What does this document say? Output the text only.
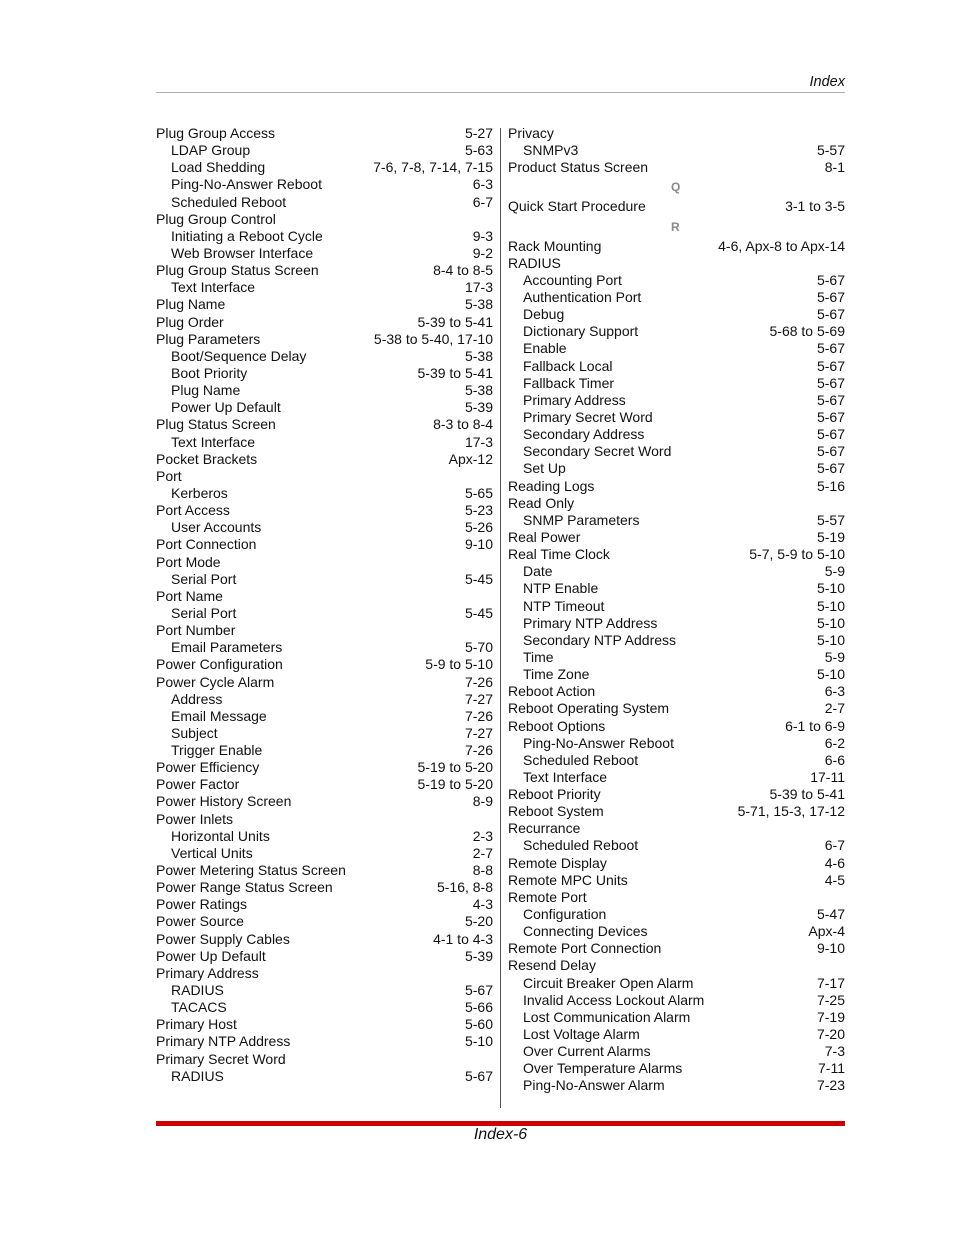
Index
Plug Group Access	5-27
LDAP Group	5-63
Load Shedding	7-6, 7-8, 7-14, 7-15
Ping-No-Answer Reboot	6-3
Scheduled Reboot	6-7
Plug Group Control
Initiating a Reboot Cycle	9-3
Web Browser Interface	9-2
Plug Group Status Screen	8-4 to 8-5
Text Interface	17-3
Plug Name	5-38
Plug Order	5-39 to 5-41
Plug Parameters	5-38 to 5-40, 17-10
Boot/Sequence Delay	5-38
Boot Priority	5-39 to 5-41
Plug Name	5-38
Power Up Default	5-39
Plug Status Screen	8-3 to 8-4
Text Interface	17-3
Pocket Brackets	Apx-12
Port
Kerberos	5-65
Port Access	5-23
User Accounts	5-26
Port Connection	9-10
Port Mode
Serial Port	5-45
Port Name
Serial Port	5-45
Port Number
Email Parameters	5-70
Power Configuration	5-9 to 5-10
Power Cycle Alarm	7-26
Address	7-27
Email Message	7-26
Subject	7-27
Trigger Enable	7-26
Power Efficiency	5-19 to 5-20
Power Factor	5-19 to 5-20
Power History Screen	8-9
Power Inlets
Horizontal Units	2-3
Vertical Units	2-7
Power Metering Status Screen	8-8
Power Range Status Screen	5-16, 8-8
Power Ratings	4-3
Power Source	5-20
Power Supply Cables	4-1 to 4-3
Power Up Default	5-39
Primary Address
RADIUS	5-67
TACACS	5-66
Primary Host	5-60
Primary NTP Address	5-10
Primary Secret Word
RADIUS	5-67
Privacy
SNMPv3	5-57
Product Status Screen	8-1
Q
Quick Start Procedure	3-1 to 3-5
R
Rack Mounting	4-6, Apx-8 to Apx-14
RADIUS
Accounting Port	5-67
Authentication Port	5-67
Debug	5-67
Dictionary Support	5-68 to 5-69
Enable	5-67
Fallback Local	5-67
Fallback Timer	5-67
Primary Address	5-67
Primary Secret Word	5-67
Secondary Address	5-67
Secondary Secret Word	5-67
Set Up	5-67
Reading Logs	5-16
Read Only
SNMP Parameters	5-57
Real Power	5-19
Real Time Clock	5-7, 5-9 to 5-10
Date	5-9
NTP Enable	5-10
NTP Timeout	5-10
Primary NTP Address	5-10
Secondary NTP Address	5-10
Time	5-9
Time Zone	5-10
Reboot Action	6-3
Reboot Operating System	2-7
Reboot Options	6-1 to 6-9
Ping-No-Answer Reboot	6-2
Scheduled Reboot	6-6
Text Interface	17-11
Reboot Priority	5-39 to 5-41
Reboot System	5-71, 15-3, 17-12
Recurrance
Scheduled Reboot	6-7
Remote Display	4-6
Remote MPC Units	4-5
Remote Port
Configuration	5-47
Connecting Devices	Apx-4
Remote Port Connection	9-10
Resend Delay
Circuit Breaker Open Alarm	7-17
Invalid Access Lockout Alarm	7-25
Lost Communication Alarm	7-19
Lost Voltage Alarm	7-20
Over Current Alarms	7-3
Over Temperature Alarms	7-11
Ping-No-Answer Alarm	7-23
Index-6
